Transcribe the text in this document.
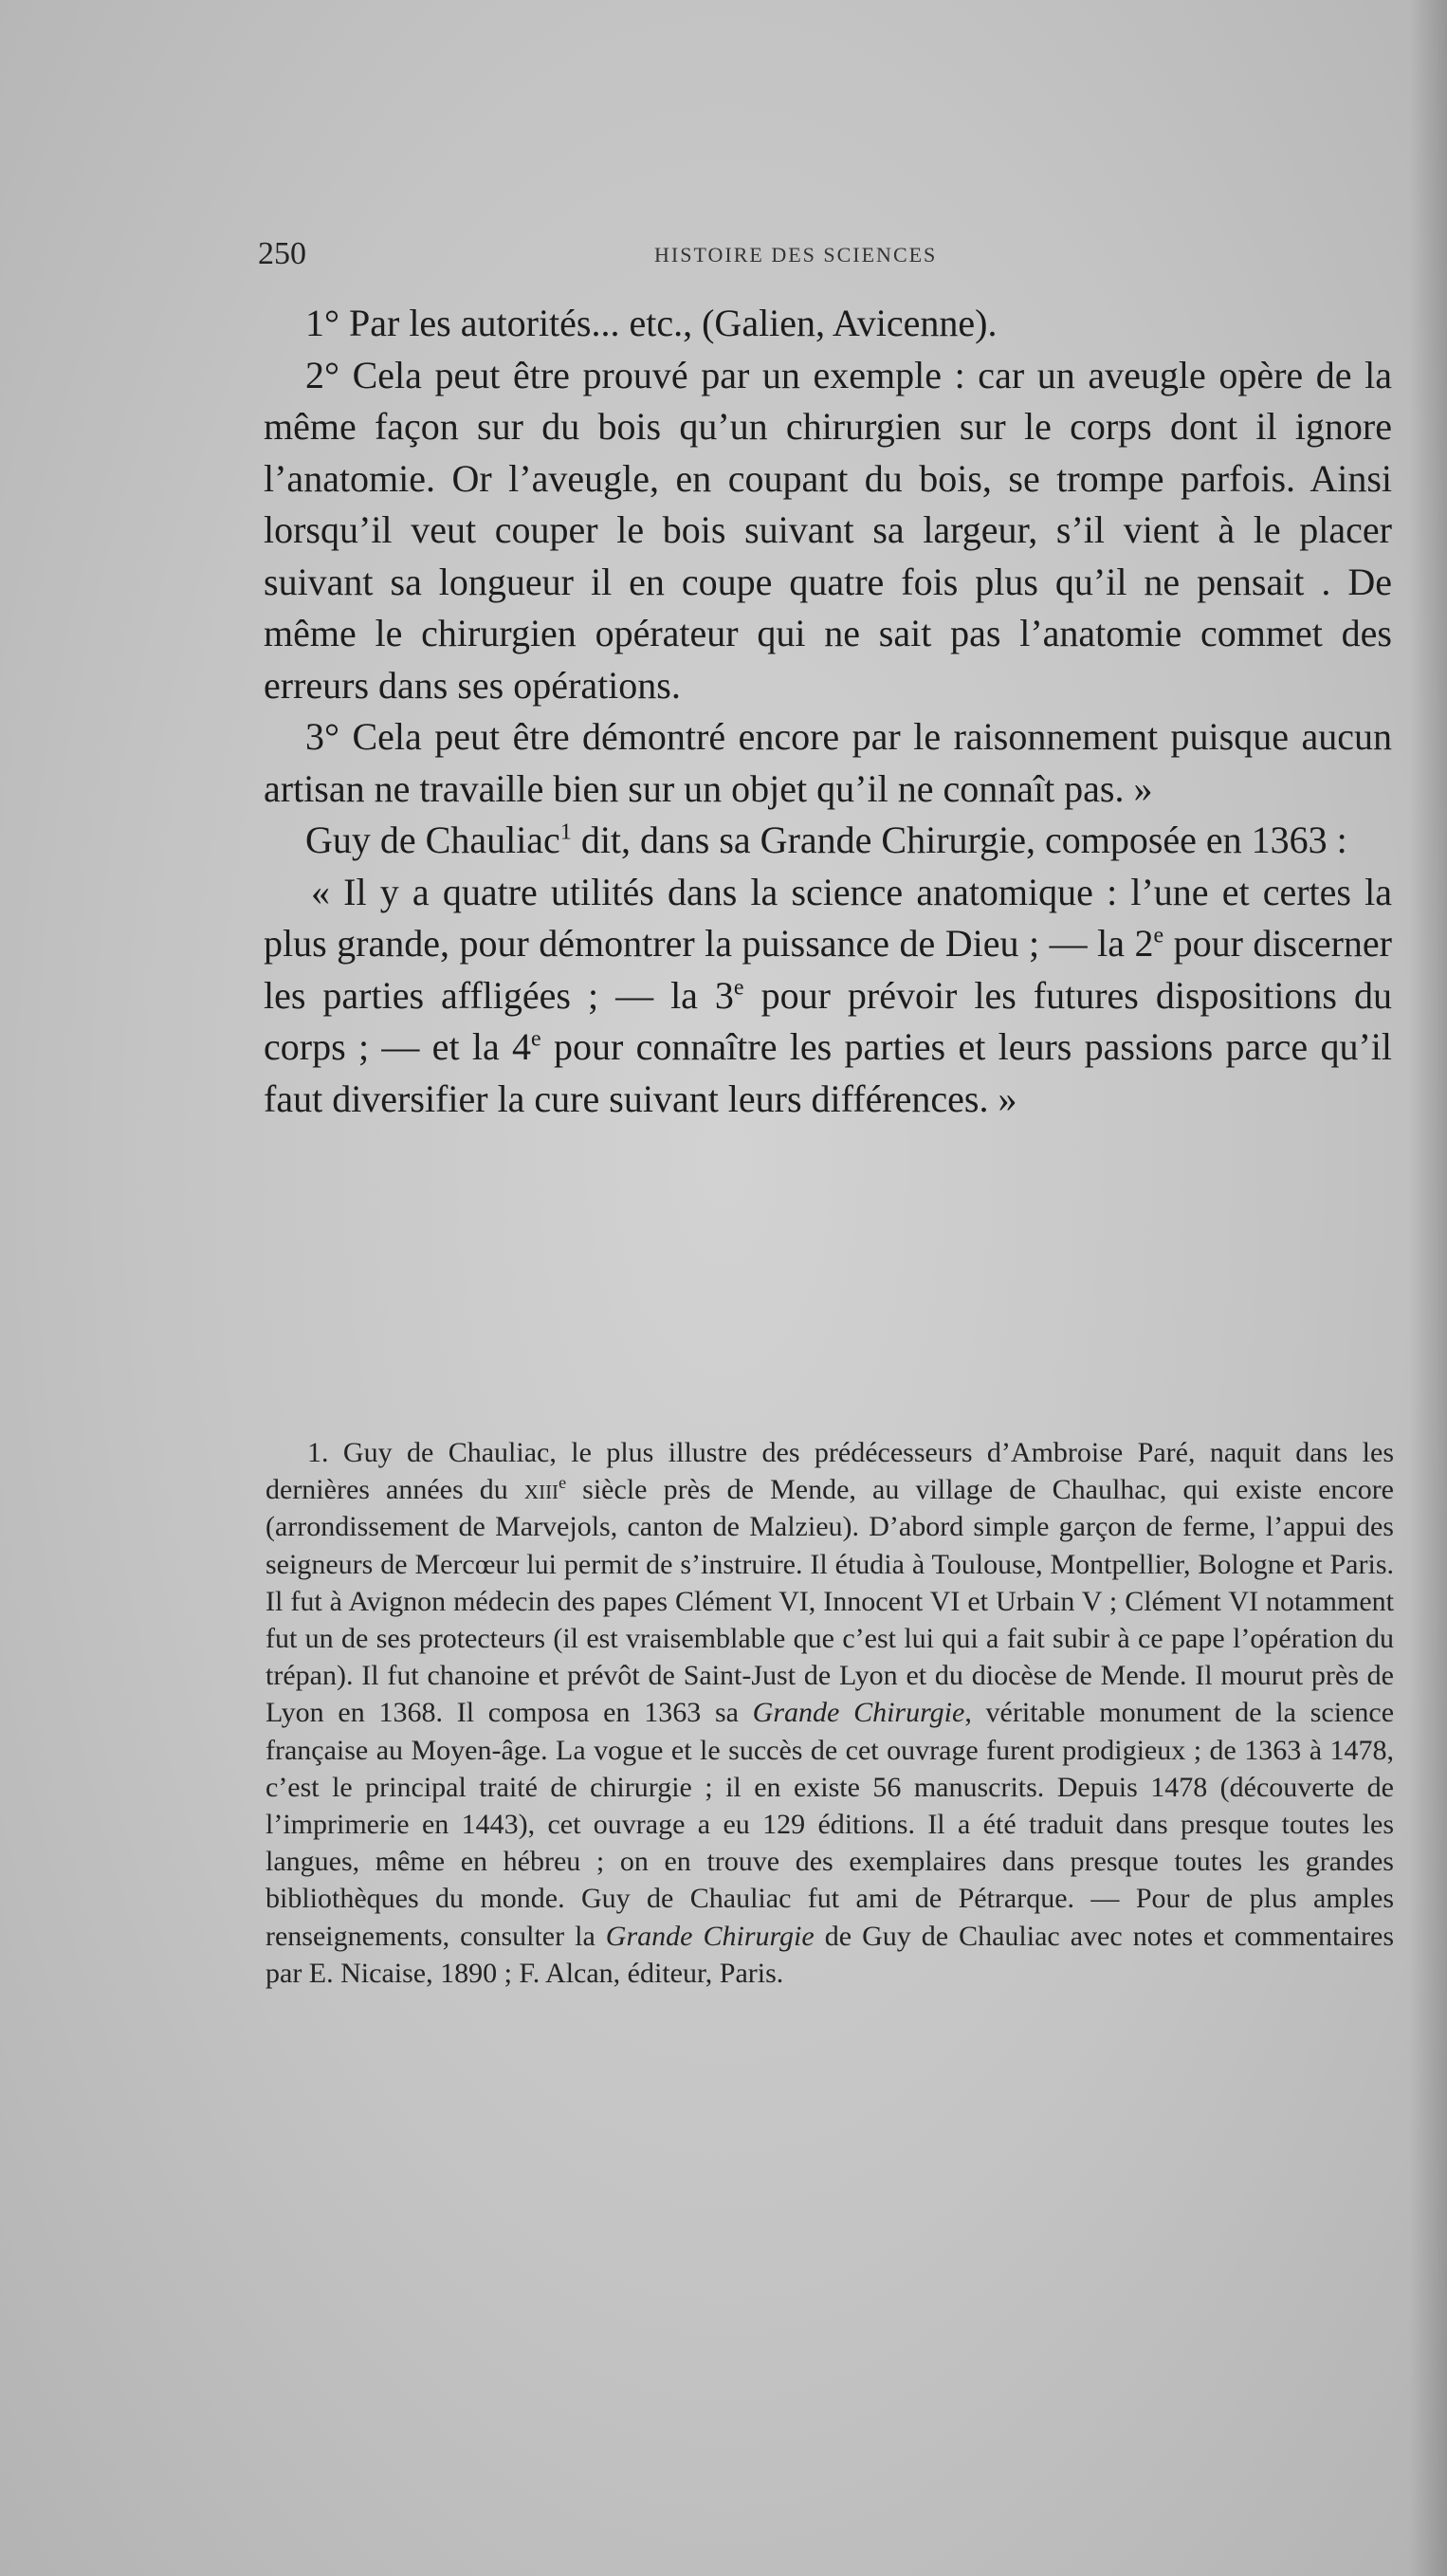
250	HISTOIRE DES SCIENCES

1° Par les autorités... etc., (Galien, Avicenne).

2° Cela peut être prouvé par un exemple : car un aveugle opère de la même façon sur du bois qu’un chirurgien sur le corps dont il ignore l’anatomie. Or l’aveugle, en coupant du bois, se trompe parfois. Ainsi lorsqu’il veut couper le bois suivant sa largeur, s’il vient à le placer suivant sa longueur il en coupe quatre fois plus qu’il ne pensait . De même le chirurgien opérateur qui ne sait pas l’anatomie commet des erreurs dans ses opérations.

3° Cela peut être démontré encore par le raisonnement puisque aucun artisan ne travaille bien sur un objet qu’il ne connaît pas. »

Guy de Chauliac$^1$ dit, dans sa Grande Chirurgie, composée en 1363 :

« Il y a quatre utilités dans la science anatomique : l’une et certes la plus grande, pour démontrer la puissance de Dieu ; — la 2e pour discerner les parties affligées ; — la 3e pour prévoir les futures dispositions du corps ; — et la 4e pour connaître les parties et leurs passions parce qu’il faut diversifier la cure suivant leurs différences. »

1. Guy de Chauliac, le plus illustre des prédécesseurs d’Ambroise Paré, naquit dans les dernières années du xiii$^e$ siècle près de Mende, au village de Chaulhac, qui existe encore (arrondissement de Marvejols, canton de Malzieu). D’abord simple garçon de ferme, l’appui des seigneurs de Mercœur lui permit de s’instruire. Il étudia à Toulouse, Montpellier, Bologne et Paris. Il fut à Avignon médecin des papes Clément VI, Innocent VI et Urbain V ; Clément VI notamment fut un de ses protecteurs (il est vraisemblable que c’est lui qui a fait subir à ce pape l’opération du trépan). Il fut chanoine et prévôt de Saint-Just de Lyon et du diocèse de Mende. Il mourut près de Lyon en 1368. Il composa en 1363 sa Grande Chirurgie, véritable monument de la science française au Moyen-âge. La vogue et le succès de cet ouvrage furent prodigieux ; de 1363 à 1478, c’est le principal traité de chirurgie ; il en existe 56 manuscrits. Depuis 1478 (découverte de l’imprimerie en 1443), cet ouvrage a eu 129 éditions. Il a été traduit dans presque toutes les langues, même en hébreu ; on en trouve des exemplaires dans presque toutes les grandes bibliothèques du monde. Guy de Chauliac fut ami de Pétrarque. — Pour de plus amples renseignements, consulter la Grande Chirurgie de Guy de Chauliac avec notes et commentaires par E. Nicaise, 1890 ; F. Alcan, éditeur, Paris.
